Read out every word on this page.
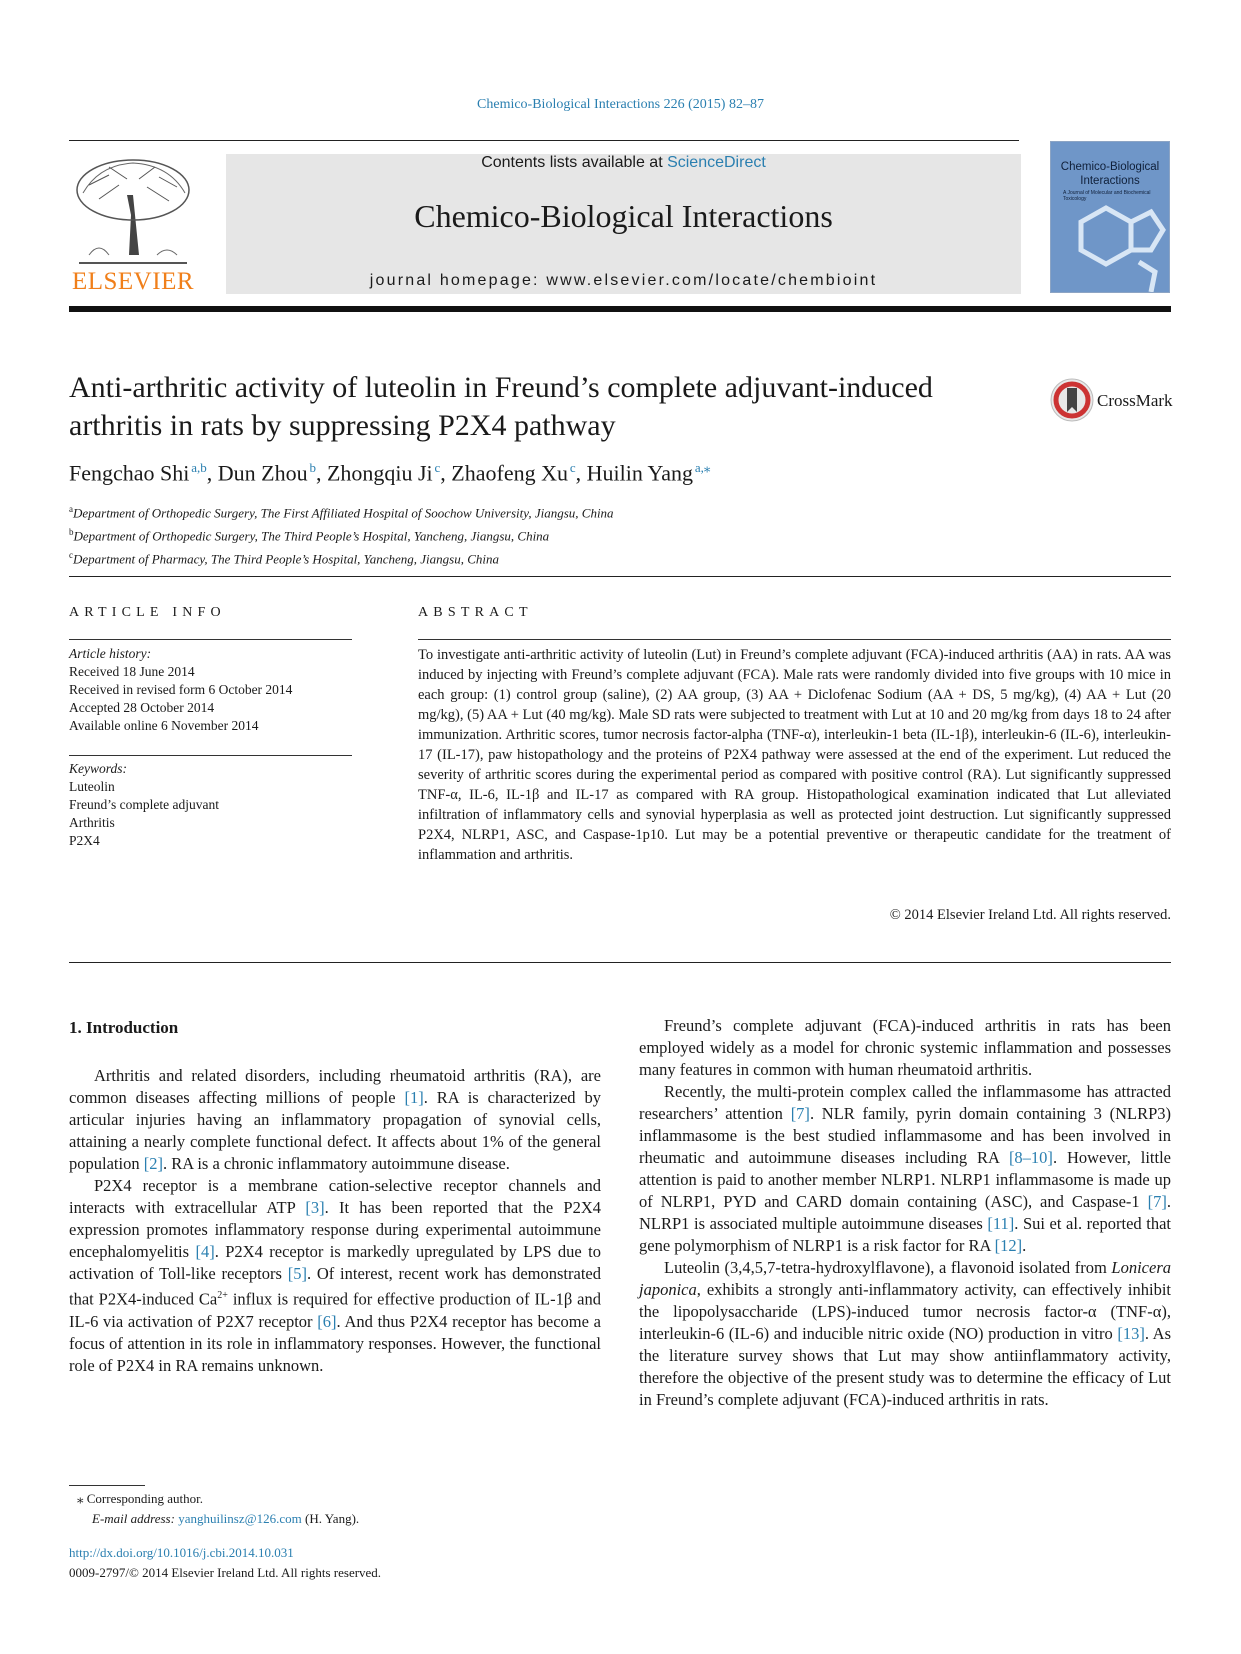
Chemico-Biological Interactions 226 (2015) 82–87
ELSEVIER
Contents lists available at ScienceDirect
Chemico-Biological Interactions
journal homepage: www.elsevier.com/locate/chembioint
Chemico-Biological Interactions
A Journal of Molecular and Biochemical Toxicology
Anti-arthritic activity of luteolin in Freund’s complete adjuvant-induced arthritis in rats by suppressing P2X4 pathway
CrossMark
Fengchao Shi  $^{a,b}$, Dun Zhou  $^b$, Zhongqiu Ji  $^c$, Zhaofeng Xu  $^c$, Huilin Yang  $^{a,⁎}$
$^a$Department of Orthopedic Surgery, The First Affiliated Hospital of Soochow University, Jiangsu, China
$^b$Department of Orthopedic Surgery, The Third People’s Hospital, Yancheng, Jiangsu, China
$^c$Department of Pharmacy, The Third People’s Hospital, Yancheng, Jiangsu, China
ARTICLE INFO
Article history:
Received 18 June 2014
Received in revised form 6 October 2014
Accepted 28 October 2014
Available online 6 November 2014
Keywords:
Luteolin
Freund’s complete adjuvant
Arthritis
P2X4
ABSTRACT
To investigate anti-arthritic activity of luteolin (Lut) in Freund’s complete adjuvant (FCA)-induced arthritis (AA) in rats. AA was induced by injecting with Freund’s complete adjuvant (FCA). Male rats were randomly divided into five groups with 10 mice in each group: (1) control group (saline), (2) AA group, (3) AA + Diclofenac Sodium (AA + DS, 5 mg/kg), (4) AA + Lut (20 mg/kg), (5) AA + Lut (40 mg/kg). Male SD rats were subjected to treatment with Lut at 10 and 20 mg/kg from days 18 to 24 after immunization. Arthritic scores, tumor necrosis factor-alpha (TNF-α), interleukin-1 beta (IL-1β), interleukin-6 (IL-6), interleukin-17 (IL-17), paw histopathology and the proteins of P2X4 pathway were assessed at the end of the experiment. Lut reduced the severity of arthritic scores during the experimental period as compared with positive control (RA). Lut significantly suppressed TNF-α, IL-6, IL-1β and IL-17 as compared with RA group. Histopathological examination indicated that Lut alleviated infiltration of inflammatory cells and synovial hyperplasia as well as protected joint destruction. Lut significantly suppressed P2X4, NLRP1, ASC, and Caspase-1p10. Lut may be a potential preventive or therapeutic candidate for the treatment of inflammation and arthritis.
© 2014 Elsevier Ireland Ltd. All rights reserved.
1. Introduction

Arthritis and related disorders, including rheumatoid arthritis (RA), are common diseases affecting millions of people [1]. RA is characterized by articular injuries having an inflammatory propagation of synovial cells, attaining a nearly complete functional defect. It affects about 1% of the general population [2]. RA is a chronic inflammatory autoimmune disease.

P2X4 receptor is a membrane cation-selective receptor channels and interacts with extracellular ATP [3]. It has been reported that the P2X4 expression promotes inflammatory response during experimental autoimmune encephalomyelitis [4]. P2X4 receptor is markedly upregulated by LPS due to activation of Toll-like receptors [5]. Of interest, recent work has demonstrated that P2X4-induced $Ca^{2+}$ influx is required for effective production of IL-1β and IL-6 via activation of P2X7 receptor [6]. And thus P2X4 receptor has become a focus of attention in its role in inflammatory responses. However, the functional role of P2X4 in RA remains unknown.

Freund’s complete adjuvant (FCA)-induced arthritis in rats has been employed widely as a model for chronic systemic inflammation and possesses many features in common with human rheumatoid arthritis.

Recently, the multi-protein complex called the inflammasome has attracted researchers’ attention [7]. NLR family, pyrin domain containing 3 (NLRP3) inflammasome is the best studied inflammasome and has been involved in rheumatic and autoimmune diseases including RA [8–10]. However, little attention is paid to another member NLRP1. NLRP1 inflammasome is made up of NLRP1, PYD and CARD domain containing (ASC), and Caspase-1 [7]. NLRP1 is associated multiple autoimmune diseases [11]. Sui et al. reported that gene polymorphism of NLRP1 is a risk factor for RA [12].

Luteolin (3,4,5,7-tetra-hydroxylflavone), a flavonoid isolated from Lonicera japonica, exhibits a strongly anti-inflammatory activity, can effectively inhibit the lipopolysaccharide (LPS)-induced tumor necrosis factor-α (TNF-α), interleukin-6 (IL-6) and inducible nitric oxide (NO) production in vitro [13]. As the literature survey shows that Lut may show antiinflammatory activity, therefore the objective of the present study was to determine the efficacy of Lut in Freund’s complete adjuvant (FCA)-induced arthritis in rats.

⁎ Corresponding author.
E-mail address: yanghuilinsz@126.com (H. Yang).
http://dx.doi.org/10.1016/j.cbi.2014.10.031
0009-2797/© 2014 Elsevier Ireland Ltd. All rights reserved.
